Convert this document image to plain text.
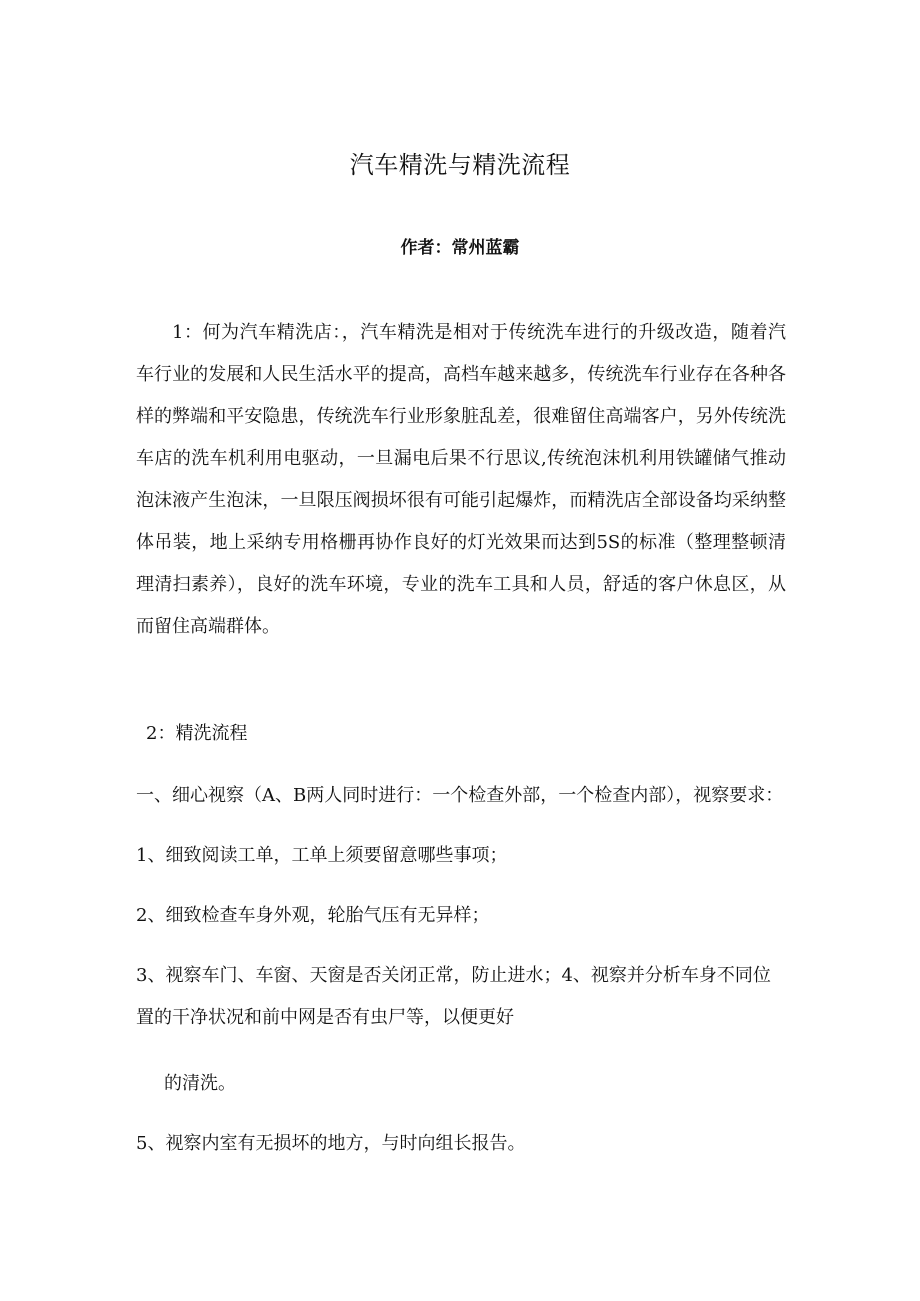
汽车精洗与精洗流程
作者：常州蓝霸
1：何为汽车精洗店：，汽车精洗是相对于传统洗车进行的升级改造，随着汽车行业的发展和人民生活水平的提高，高档车越来越多，传统洗车行业存在各种各样的弊端和平安隐患，传统洗车行业形象脏乱差，很难留住高端客户，另外传统洗车店的洗车机利用电驱动，一旦漏电后果不行思议,传统泡沫机利用铁罐储气推动泡沫液产生泡沫，一旦限压阀损坏很有可能引起爆炸，而精洗店全部设备均采纳整体吊装，地上采纳专用格栅再协作良好的灯光效果而达到5S的标准（整理整顿清理清扫素养），良好的洗车环境，专业的洗车工具和人员，舒适的客户休息区，从而留住高端群体。
2：精洗流程
一、细心视察（A、B两人同时进行：一个检查外部，一个检查内部），视察要求：
1、细致阅读工单，工单上须要留意哪些事项；
2、细致检查车身外观，轮胎气压有无异样；
3、视察车门、车窗、天窗是否关闭正常，防止进水；4、视察并分析车身不同位置的干净状况和前中网是否有虫尸等，以便更好
的清洗。
5、视察内室有无损坏的地方，与时向组长报告。
